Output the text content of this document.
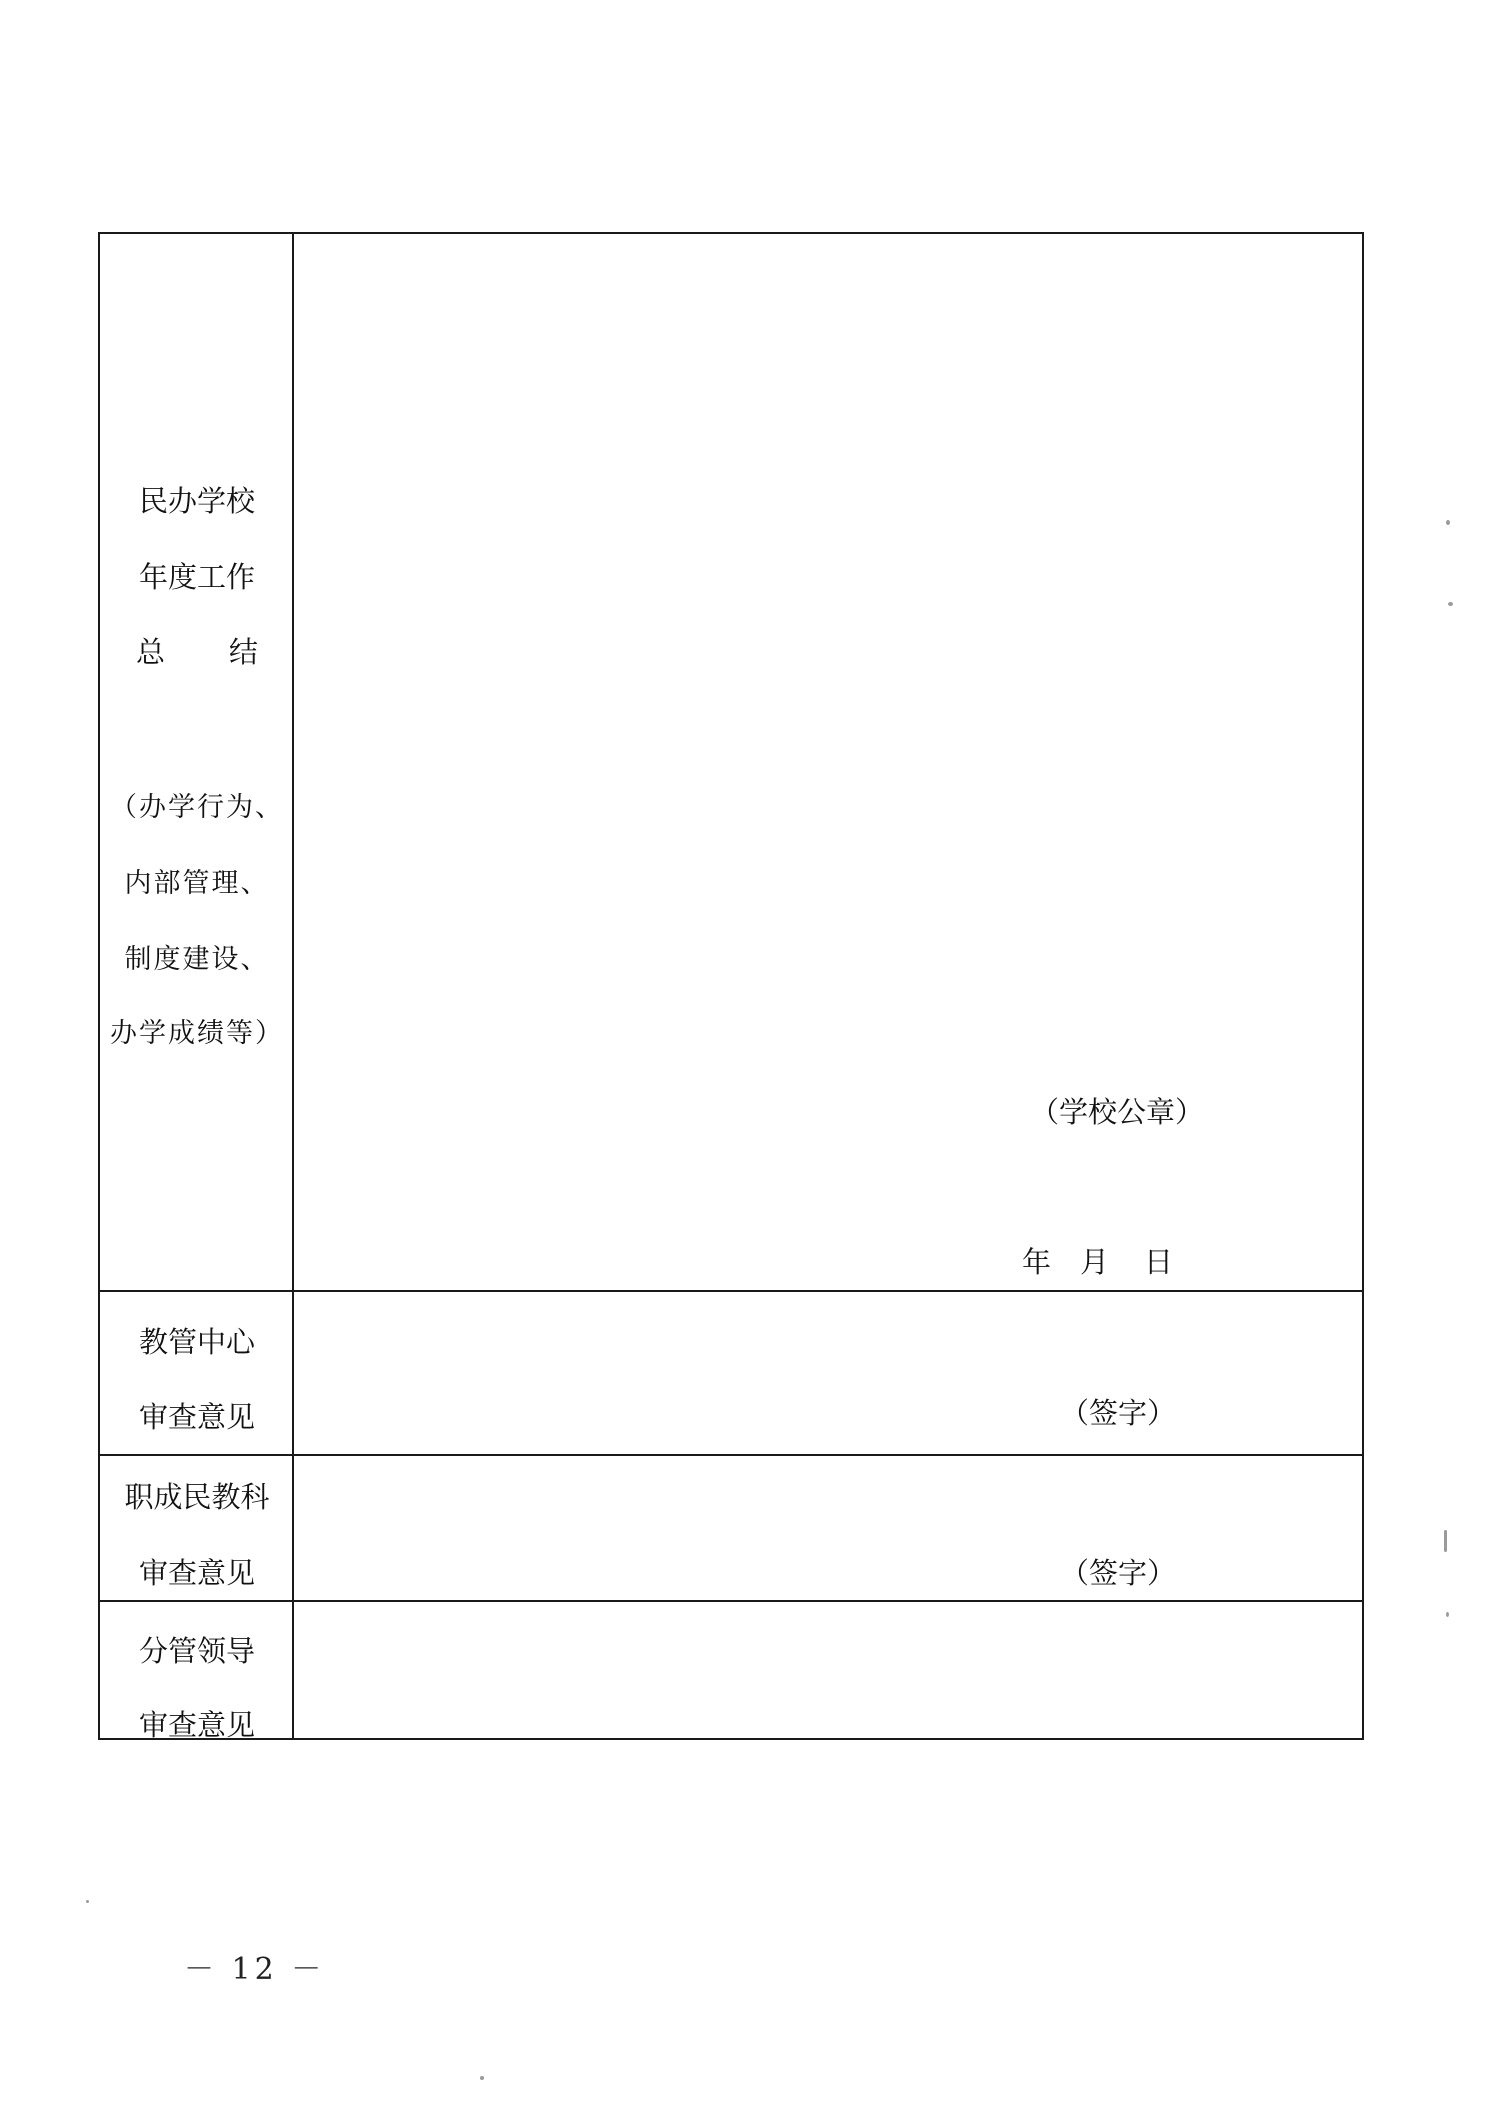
民办学校
年度工作
总 结
（办学行为、
内部管理、
制度建设、
办学成绩等）
（学校公章）
年 月 日
教管中心
审查意见	（签字）
职成民教科
审查意见	（签字）
分管领导
审查意见
－ 12 －
